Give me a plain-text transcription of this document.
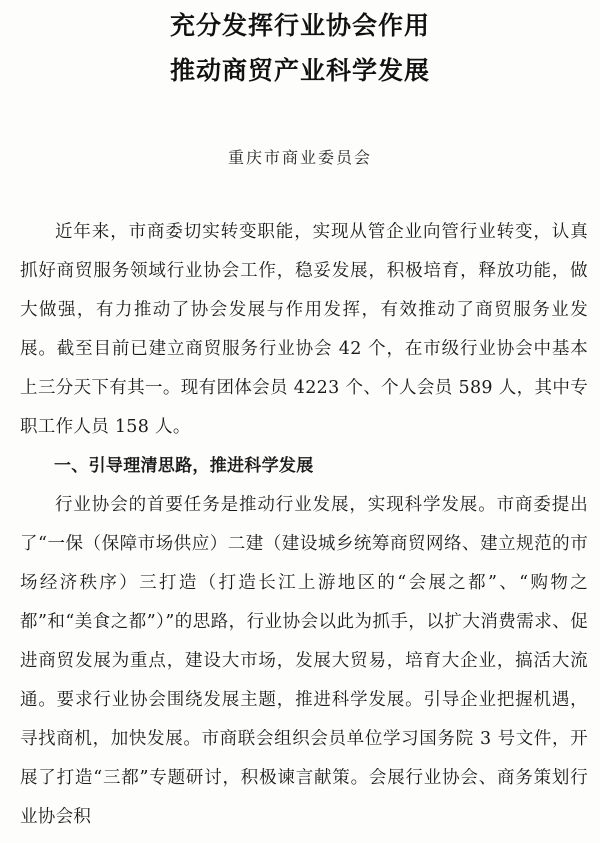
充分发挥行业协会作用
推动商贸产业科学发展
重庆市商业委员会

近年来，市商委切实转变职能，实现从管企业向管行业转变，认真抓好商贸服务领域行业协会工作，稳妥发展，积极培育，释放功能，做大做强，有力推动了协会发展与作用发挥，有效推动了商贸服务业发展。截至目前已建立商贸服务行业协会 42 个，在市级行业协会中基本上三分天下有其一。现有团体会员 4223 个、个人会员 589 人，其中专职工作人员 158 人。

一、引导理清思路，推进科学发展

行业协会的首要任务是推动行业发展，实现科学发展。市商委提出了“一保（保障市场供应）二建（建设城乡统筹商贸网络、建立规范的市场经济秩序）三打造（打造长江上游地区的“会展之都”、“购物之都”和“美食之都”）”的思路，行业协会以此为抓手，以扩大消费需求、促进商贸发展为重点，建设大市场，发展大贸易，培育大企业，搞活大流通。要求行业协会围绕发展主题，推进科学发展。引导企业把握机遇，寻找商机，加快发展。市商联会组织会员单位学习国务院 3 号文件，开展了打造“三都”专题研讨，积极谏言献策。会展行业协会、商务策划行业协会积
